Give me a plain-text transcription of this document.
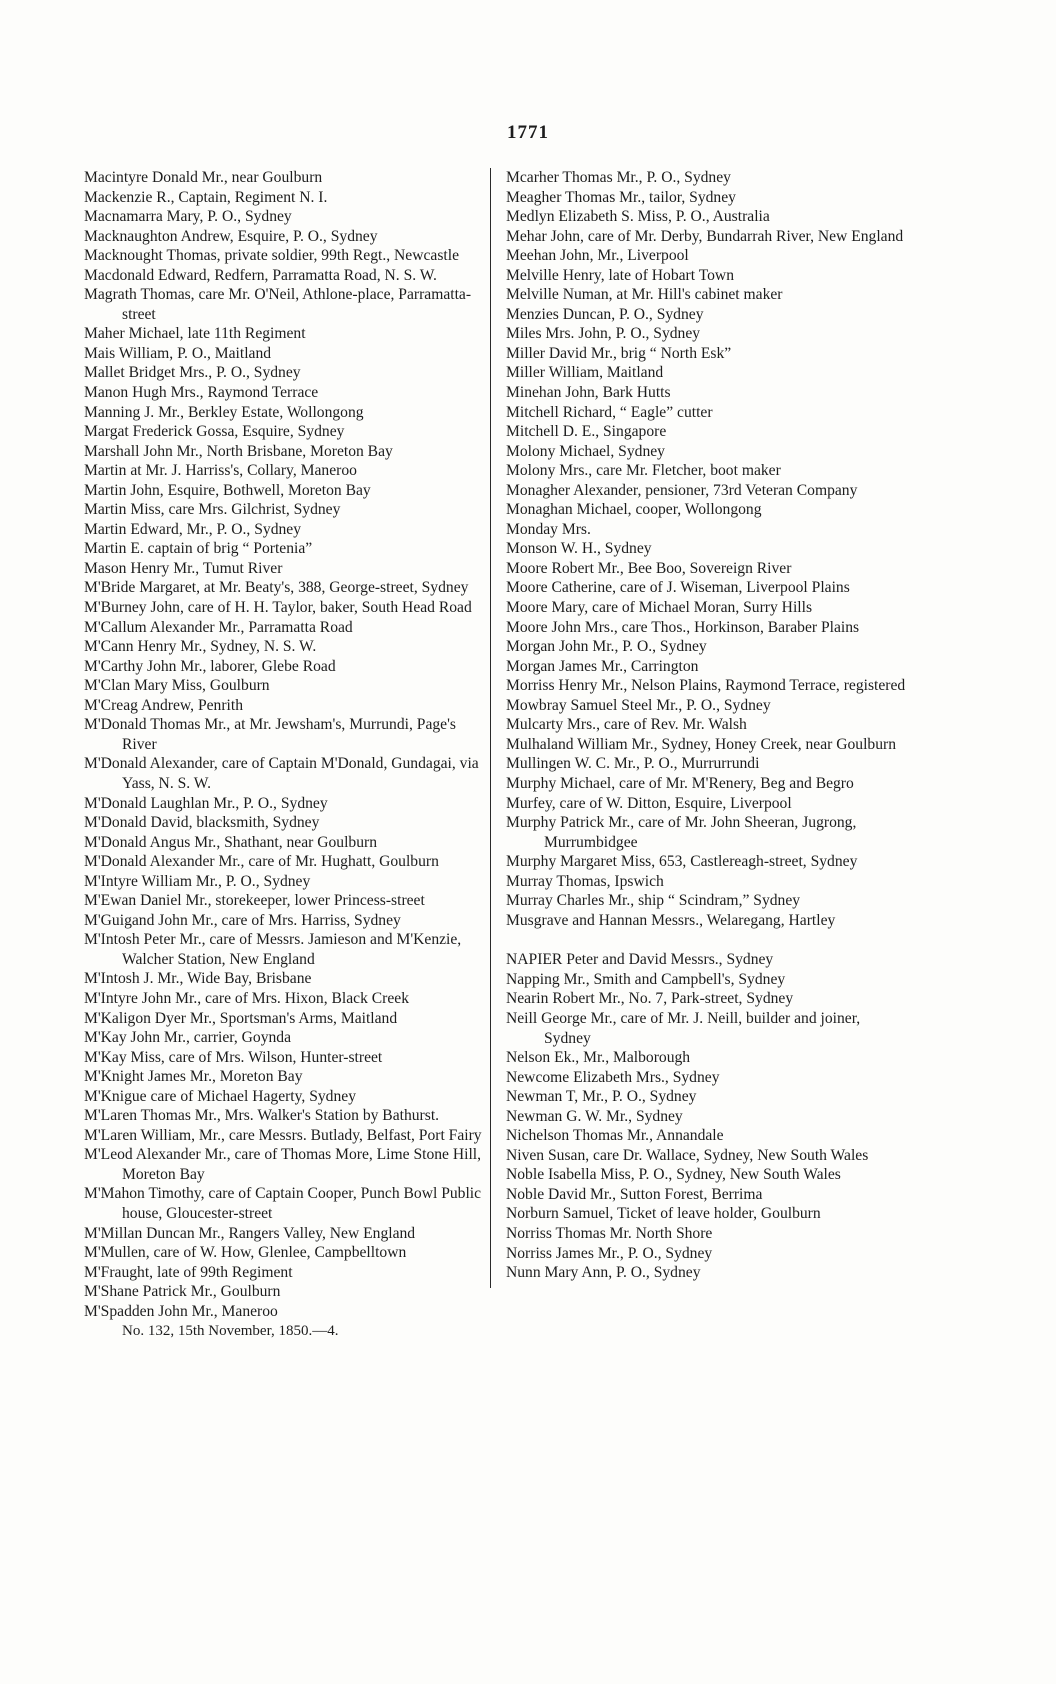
1771

Macintyre Donald Mr., near Goulburn

Mackenzie R., Captain, Regiment N. I.

Macnamarra Mary, P. O., Sydney

Macknaughton Andrew, Esquire, P. O., Sydney

Macknought Thomas, private soldier, 99th Regt., Newcastle

Macdonald Edward, Redfern, Parramatta Road, N. S. W.

Magrath Thomas, care Mr. O'Neil, Athlone-place, Parramatta-street

Maher Michael, late 11th Regiment

Mais William, P. O., Maitland

Mallet Bridget Mrs., P. O., Sydney

Manon Hugh Mrs., Raymond Terrace

Manning J. Mr., Berkley Estate, Wollongong

Margat Frederick Gossa, Esquire, Sydney

Marshall John Mr., North Brisbane, Moreton Bay

Martin at Mr. J. Harriss's, Collary, Maneroo

Martin John, Esquire, Bothwell, Moreton Bay

Martin Miss, care Mrs. Gilchrist, Sydney

Martin Edward, Mr., P. O., Sydney

Martin E. captain of brig “ Portenia”

Mason Henry Mr., Tumut River

M'Bride Margaret, at Mr. Beaty's, 388, George-street, Sydney

M'Burney John, care of H. H. Taylor, baker, South Head Road

M'Callum Alexander Mr., Parramatta Road

M'Cann Henry Mr., Sydney, N. S. W.

M'Carthy John Mr., laborer, Glebe Road

M'Clan Mary Miss, Goulburn

M'Creag Andrew, Penrith

M'Donald Thomas Mr., at Mr. Jewsham's, Murrundi, Page's River

M'Donald Alexander, care of Captain M'Donald, Gundagai, via Yass, N. S. W.

M'Donald Laughlan Mr., P. O., Sydney

M'Donald David, blacksmith, Sydney

M'Donald Angus Mr., Shathant, near Goulburn

M'Donald Alexander Mr., care of Mr. Hughatt, Goulburn

M'Intyre William Mr., P. O., Sydney

M'Ewan Daniel Mr., storekeeper, lower Princess-street

M'Guigand John Mr., care of Mrs. Harriss, Sydney

M'Intosh Peter Mr., care of Messrs. Jamieson and M'Kenzie, Walcher Station, New England

M'Intosh J. Mr., Wide Bay, Brisbane

M'Intyre John Mr., care of Mrs. Hixon, Black Creek

M'Kaligon Dyer Mr., Sportsman's Arms, Maitland

M'Kay John Mr., carrier, Goynda

M'Kay Miss, care of Mrs. Wilson, Hunter-street

M'Knight James Mr., Moreton Bay

M'Knigue care of Michael Hagerty, Sydney

M'Laren Thomas Mr., Mrs. Walker's Station by Bathurst.

M'Laren William, Mr., care Messrs. Butlady, Belfast, Port Fairy

M'Leod Alexander Mr., care of Thomas More, Lime Stone Hill, Moreton Bay

M'Mahon Timothy, care of Captain Cooper, Punch Bowl Public house, Gloucester-street

M'Millan Duncan Mr., Rangers Valley, New England

M'Mullen, care of W. How, Glenlee, Campbelltown

M'Fraught, late of 99th Regiment

M'Shane Patrick Mr., Goulburn

M'Spadden John Mr., Maneroo

No. 132, 15th November, 1850.—4.

Mcarher Thomas Mr., P. O., Sydney

Meagher Thomas Mr., tailor, Sydney

Medlyn Elizabeth S. Miss, P. O., Australia

Mehar John, care of Mr. Derby, Bundarrah River, New England

Meehan John, Mr., Liverpool

Melville Henry, late of Hobart Town

Melville Numan, at Mr. Hill's cabinet maker

Menzies Duncan, P. O., Sydney

Miles Mrs. John, P. O., Sydney

Miller David Mr., brig “ North Esk”

Miller William, Maitland

Minehan John, Bark Hutts

Mitchell Richard, “ Eagle” cutter

Mitchell D. E., Singapore

Molony Michael, Sydney

Molony Mrs., care Mr. Fletcher, boot maker

Monagher Alexander, pensioner, 73rd Veteran Company

Monaghan Michael, cooper, Wollongong

Monday Mrs.

Monson W. H., Sydney

Moore Robert Mr., Bee Boo, Sovereign River

Moore Catherine, care of J. Wiseman, Liverpool Plains

Moore Mary, care of Michael Moran, Surry Hills

Moore John Mrs., care Thos., Horkinson, Baraber Plains

Morgan John Mr., P. O., Sydney

Morgan James Mr., Carrington

Morriss Henry Mr., Nelson Plains, Raymond Terrace, registered

Mowbray Samuel Steel Mr., P. O., Sydney

Mulcarty Mrs., care of Rev. Mr. Walsh

Mulhaland William Mr., Sydney, Honey Creek, near Goulburn

Mullingen W. C. Mr., P. O., Murrurrundi

Murphy Michael, care of Mr. M'Renery, Beg and Begro

Murfey, care of W. Ditton, Esquire, Liverpool

Murphy Patrick Mr., care of Mr. John Sheeran, Jugrong, Murrumbidgee

Murphy Margaret Miss, 653, Castlereagh-street, Sydney

Murray Thomas, Ipswich

Murray Charles Mr., ship “ Scindram,” Sydney

Musgrave and Hannan Messrs., Welaregang, Hartley

NAPIER Peter and David Messrs., Sydney

Napping Mr., Smith and Campbell's, Sydney

Nearin Robert Mr., No. 7, Park-street, Sydney

Neill George Mr., care of Mr. J. Neill, builder and joiner, Sydney

Nelson Ek., Mr., Malborough

Newcome Elizabeth Mrs., Sydney

Newman T, Mr., P. O., Sydney

Newman G. W. Mr., Sydney

Nichelson Thomas Mr., Annandale

Niven Susan, care Dr. Wallace, Sydney, New South Wales

Noble Isabella Miss, P. O., Sydney, New South Wales

Noble David Mr., Sutton Forest, Berrima

Norburn Samuel, Ticket of leave holder, Goulburn

Norriss Thomas Mr. North Shore

Norriss James Mr., P. O., Sydney

Nunn Mary Ann, P. O., Sydney
